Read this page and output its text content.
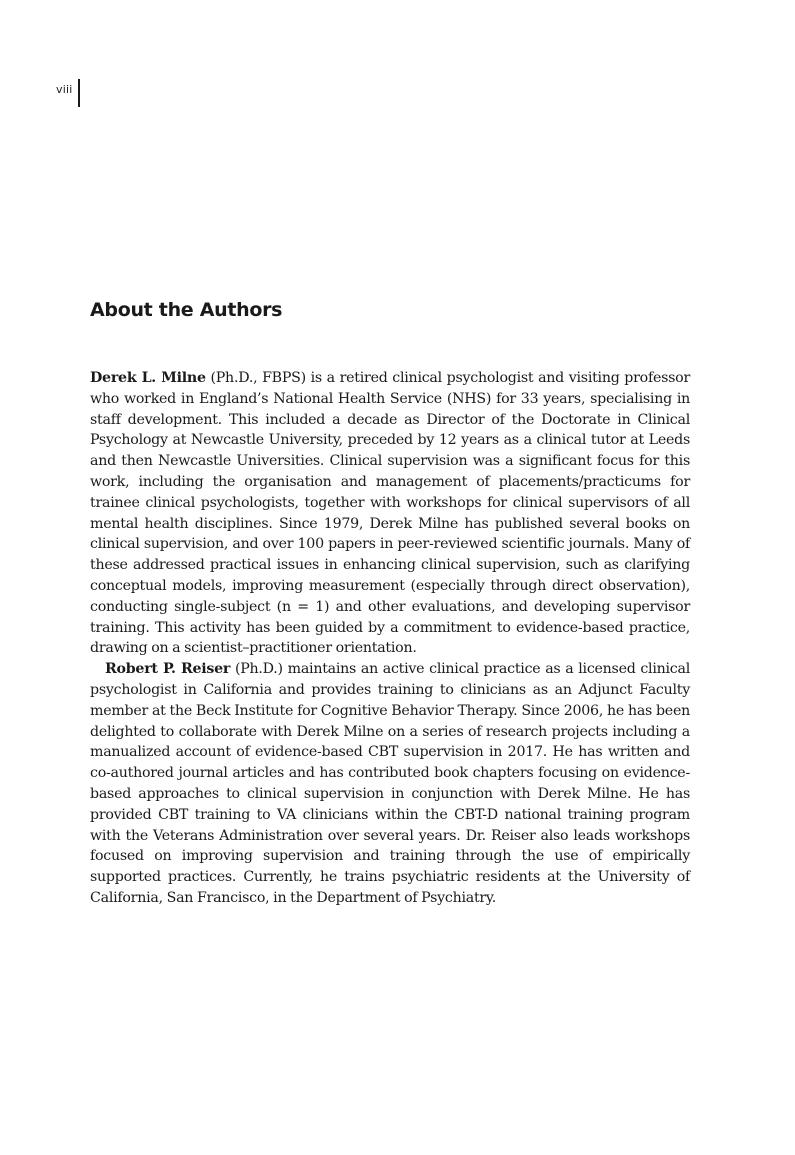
viii
About the Authors

Derek L. Milne (Ph.D., FBPS) is a retired clinical psychologist and visiting professor who worked in England’s National Health Service (NHS) for 33 years, specialising in staff development. This included a decade as Director of the Doctorate in Clinical Psychology at Newcastle University, preceded by 12 years as a clinical tutor at Leeds and then Newcastle Universities. Clinical supervision was a significant focus for this work, including the organisation and management of placements/practicums for trainee clinical psychologists, together with workshops for clinical supervisors of all mental health disciplines. Since 1979, Derek Milne has published several books on clinical supervision, and over 100 papers in peer-reviewed scientific journals. Many of these addressed practical issues in enhancing clinical supervision, such as clarifying conceptual models, improving measurement (especially through direct observation), conducting single-subject (n = 1) and other evaluations, and developing supervisor training. This activity has been guided by a commitment to evidence-based practice, drawing on a scientist–practitioner orientation.

Robert P. Reiser (Ph.D.) maintains an active clinical practice as a licensed clinical psychologist in California and provides training to clinicians as an Adjunct Faculty member at the Beck Institute for Cognitive Behavior Therapy. Since 2006, he has been delighted to collaborate with Derek Milne on a series of research projects including a manualized account of evidence-based CBT supervision in 2017. He has written and co-authored journal articles and has contributed book chapters focusing on evidence-based approaches to clinical supervision in conjunction with Derek Milne. He has provided CBT training to VA clinicians within the CBT-D national training program with the Veterans Administration over several years. Dr. Reiser also leads workshops focused on improving supervision and training through the use of empirically supported practices. Currently, he trains psychiatric residents at the University of California, San Francisco, in the Department of Psychiatry.
